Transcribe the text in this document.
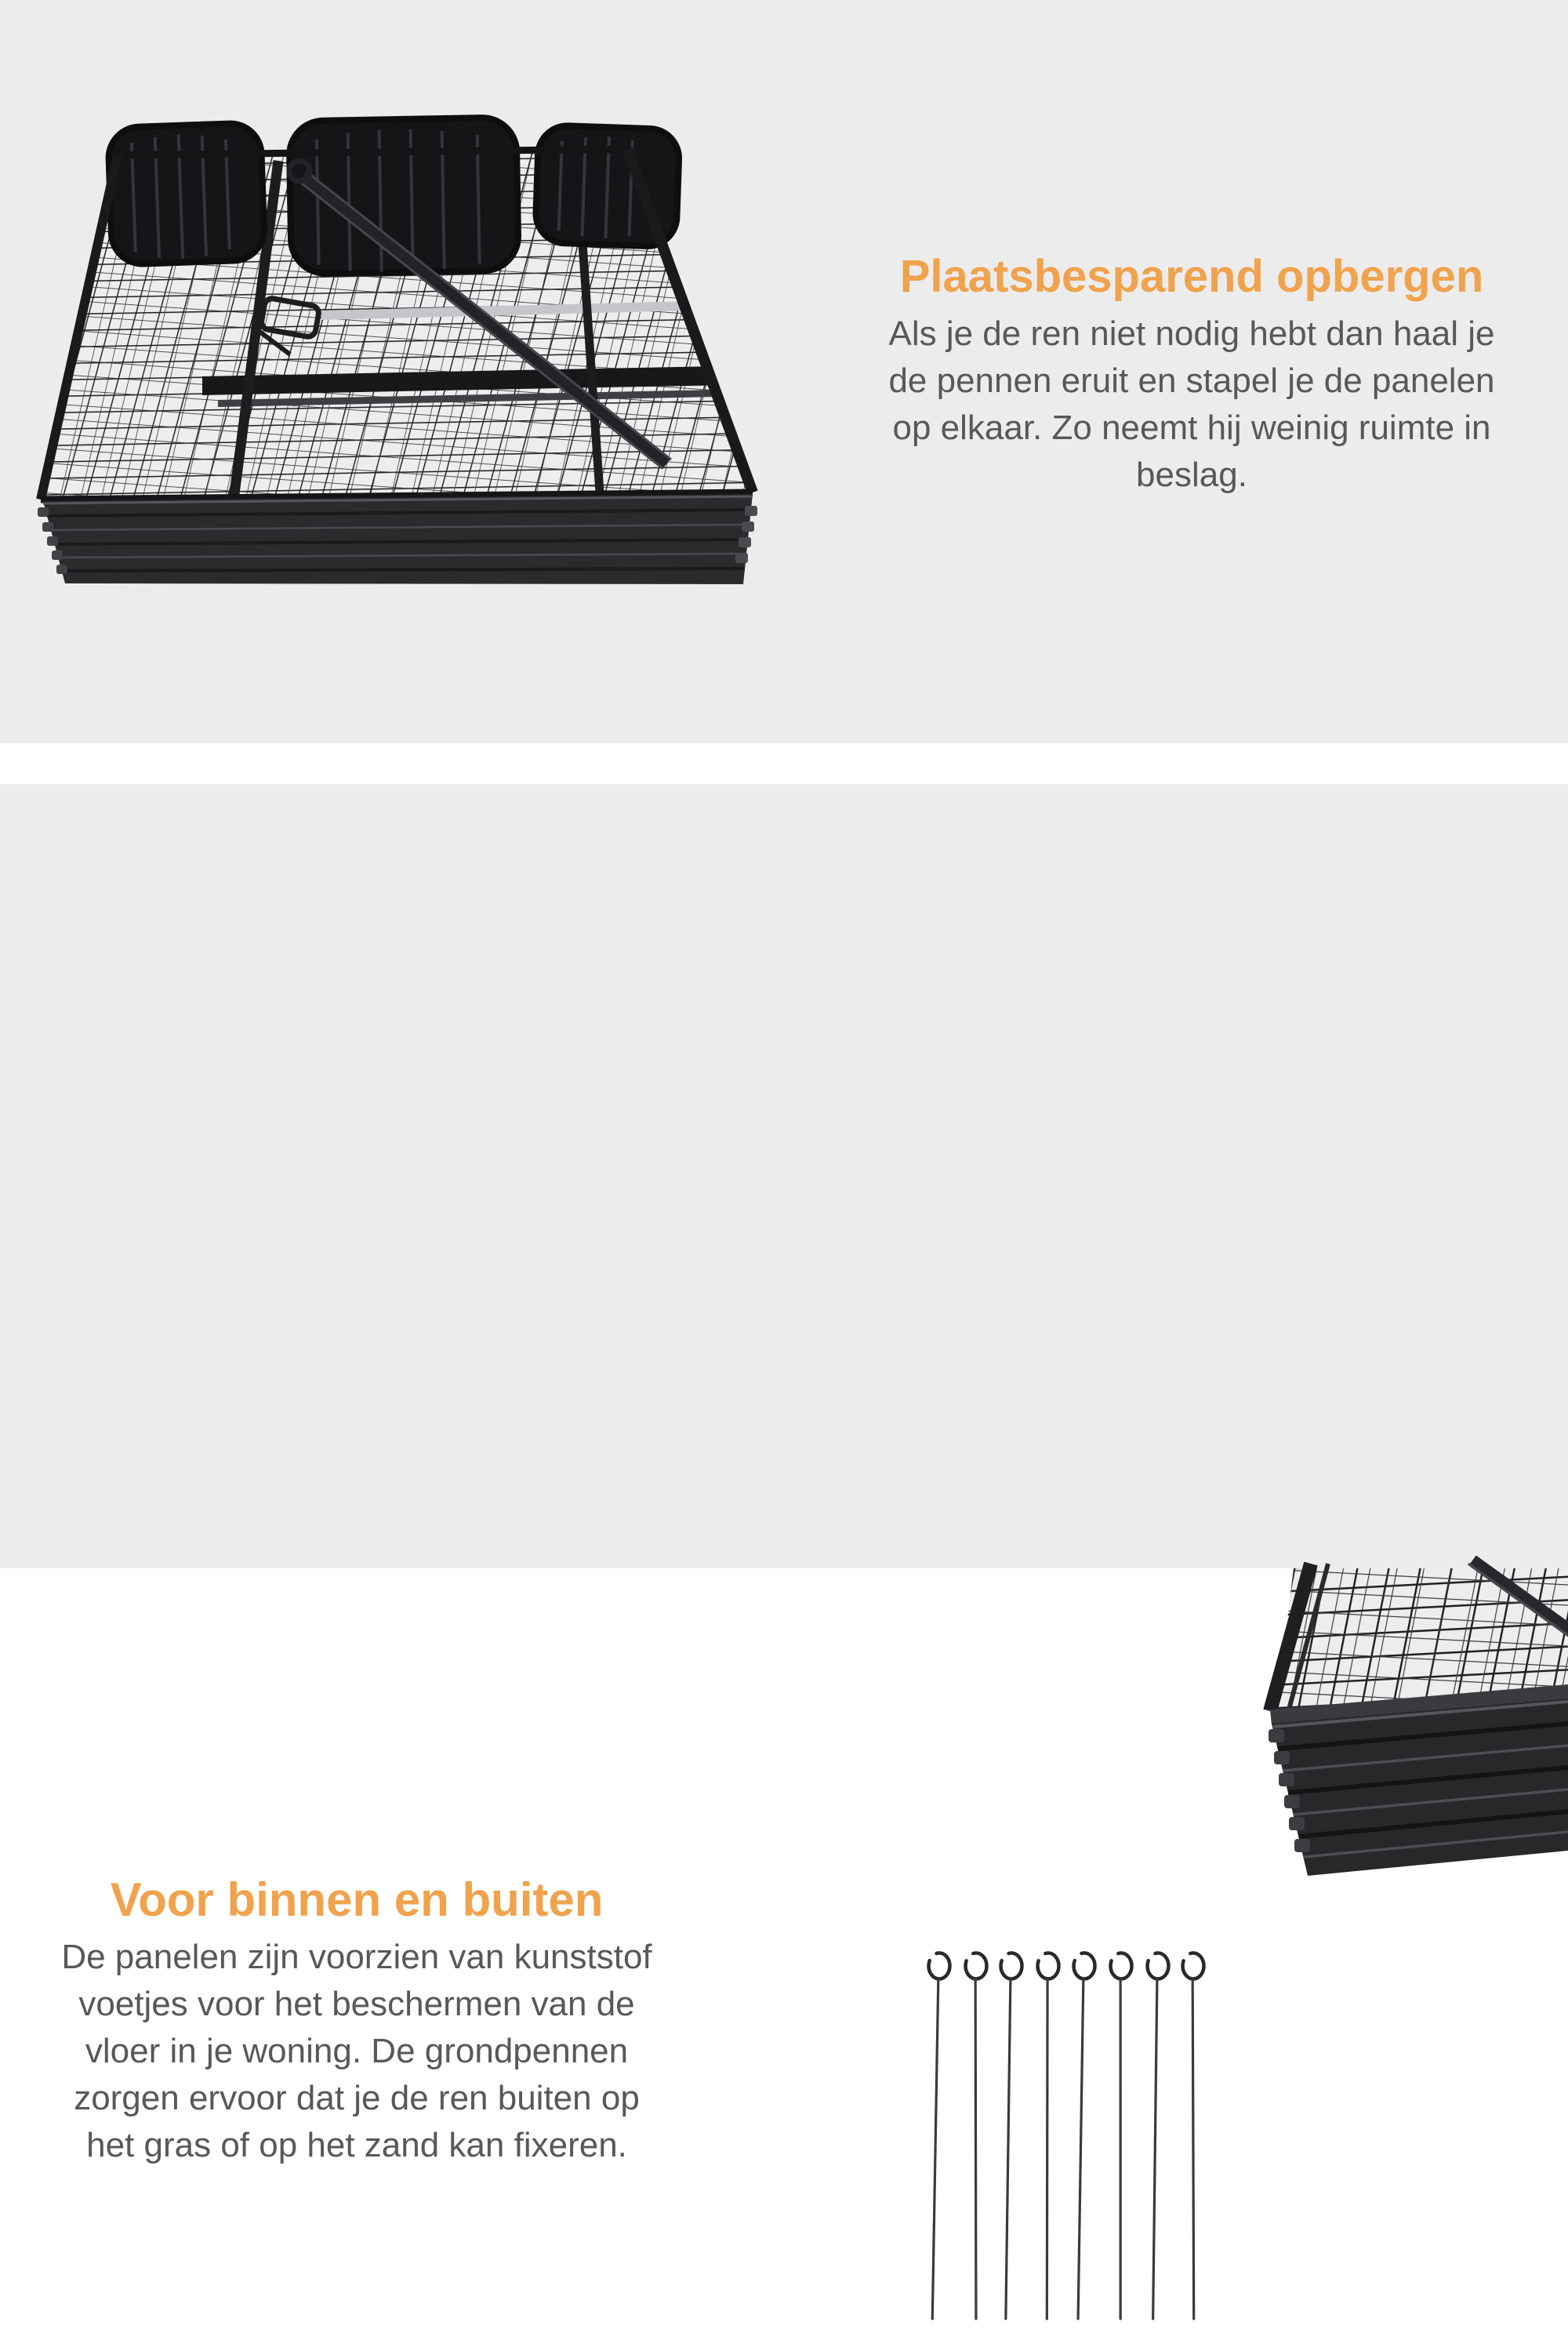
Plaatsbesparend opbergen
Als je de ren niet nodig hebt dan haal je
de pennen eruit en stapel je de panelen
op elkaar. Zo neemt hij weinig ruimte in
beslag.
Voor binnen en buiten
De panelen zijn voorzien van kunststof
voetjes voor het beschermen van de
vloer in je woning. De grondpennen
zorgen ervoor dat je de ren buiten op
het gras of op het zand kan fixeren.
